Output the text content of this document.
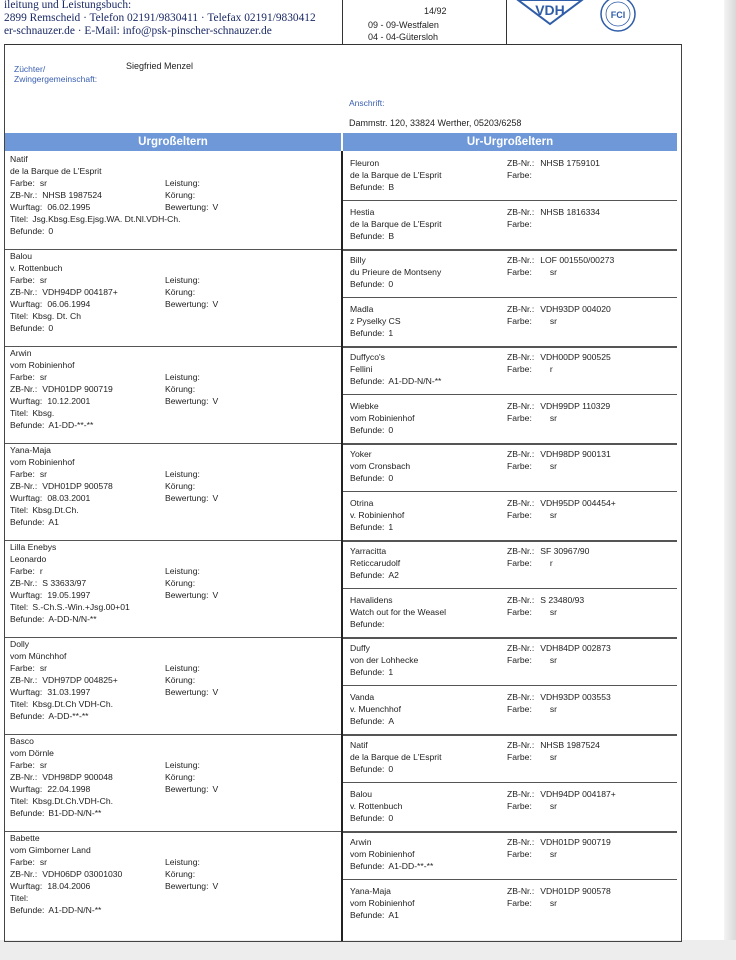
ileitung und Leistungsbuch:
2899 Remscheid · Telefon 02191/9830411 · Telefax 02191/9830412
er-schnauzer.de · E-Mail: info@psk-pinscher-schnauzer.de
14/92
09 - 09-Westfalen
04 - 04-Gütersloh
VDH	FCI
Züchter/
Zwingergemeinschaft:
Siegfried Menzel
Anschrift:
Dammstr. 120, 33824 Werther, 05203/6258
Urgroßeltern	Ur-Urgroßeltern
Natif
de la Barque de L'Esprit
Farbe: sr
ZB-Nr.: NHSB 1987524
Wurftag: 06.02.1995
Titel: Jsg.Kbsg.Esg.Ejsg.WA. Dt.Nl.VDH-Ch.
Befunde: 0
Leistung:
Körung:
Bewertung: V
Balou
v. Rottenbuch
Farbe: sr
ZB-Nr.: VDH94DP 004187+
Wurftag: 06.06.1994
Titel: Kbsg. Dt. Ch
Befunde: 0
Leistung:
Körung:
Bewertung: V
Arwin
vom Robinienhof
Farbe: sr
ZB-Nr.: VDH01DP 900719
Wurftag: 10.12.2001
Titel: Kbsg.
Befunde: A1-DD-**-**
Leistung:
Körung:
Bewertung: V
Yana-Maja
vom Robinienhof
Farbe: sr
ZB-Nr.: VDH01DP 900578
Wurftag: 08.03.2001
Titel: Kbsg.Dt.Ch.
Befunde: A1
Leistung:
Körung:
Bewertung: V
Lilla Enebys
Leonardo
Farbe: r
ZB-Nr.: S 33633/97
Wurftag: 19.05.1997
Titel: S.-Ch.S.-Win.+Jsg.00+01
Befunde: A-DD-N/N-**
Leistung:
Körung:
Bewertung: V
Dolly
vom Münchhof
Farbe: sr
ZB-Nr.: VDH97DP 004825+
Wurftag: 31.03.1997
Titel: Kbsg.Dt.Ch VDH-Ch.
Befunde: A-DD-**-**
Leistung:
Körung:
Bewertung: V
Basco
vom Dörnle
Farbe: sr
ZB-Nr.: VDH98DP 900048
Wurftag: 22.04.1998
Titel: Kbsg.Dt.Ch.VDH-Ch.
Befunde: B1-DD-N/N-**
Leistung:
Körung:
Bewertung: V
Babette
vom Gimborner Land
Farbe: sr
ZB-Nr.: VDH06DP 03001030
Wurftag: 18.04.2006
Titel:
Befunde: A1-DD-N/N-**
Leistung:
Körung:
Bewertung: V
Fleuron
de la Barque de L'Esprit
Befunde: B
ZB-Nr.: NHSB 1759101
Farbe:
Hestia
de la Barque de L'Esprit
Befunde: B
ZB-Nr.: NHSB 1816334
Farbe:
Billy
du Prieure de Montseny
Befunde: 0
ZB-Nr.: LOF 001550/00273
Farbe: sr
Madla
z Pyselky CS
Befunde: 1
ZB-Nr.: VDH93DP 004020
Farbe: sr
Duffyco's
Fellini
Befunde: A1-DD-N/N-**
ZB-Nr.: VDH00DP 900525
Farbe: r
Wiebke
vom Robinienhof
Befunde: 0
ZB-Nr.: VDH99DP 110329
Farbe: sr
Yoker
vom Cronsbach
Befunde: 0
ZB-Nr.: VDH98DP 900131
Farbe: sr
Otrina
v. Robinienhof
Befunde: 1
ZB-Nr.: VDH95DP 004454+
Farbe: sr
Yarracitta
Reticcarudolf
Befunde: A2
ZB-Nr.: SF 30967/90
Farbe: r
Havalidens
Watch out for the Weasel
Befunde:
ZB-Nr.: S 23480/93
Farbe: sr
Duffy
von der Lohhecke
Befunde: 1
ZB-Nr.: VDH84DP 002873
Farbe: sr
Vanda
v. Muenchhof
Befunde: A
ZB-Nr.: VDH93DP 003553
Farbe: sr
Natif
de la Barque de L'Esprit
Befunde: 0
ZB-Nr.: NHSB 1987524
Farbe: sr
Balou
v. Rottenbuch
Befunde: 0
ZB-Nr.: VDH94DP 004187+
Farbe: sr
Arwin
vom Robinienhof
Befunde: A1-DD-**-**
ZB-Nr.: VDH01DP 900719
Farbe: sr
Yana-Maja
vom Robinienhof
Befunde: A1
ZB-Nr.: VDH01DP 900578
Farbe: sr
